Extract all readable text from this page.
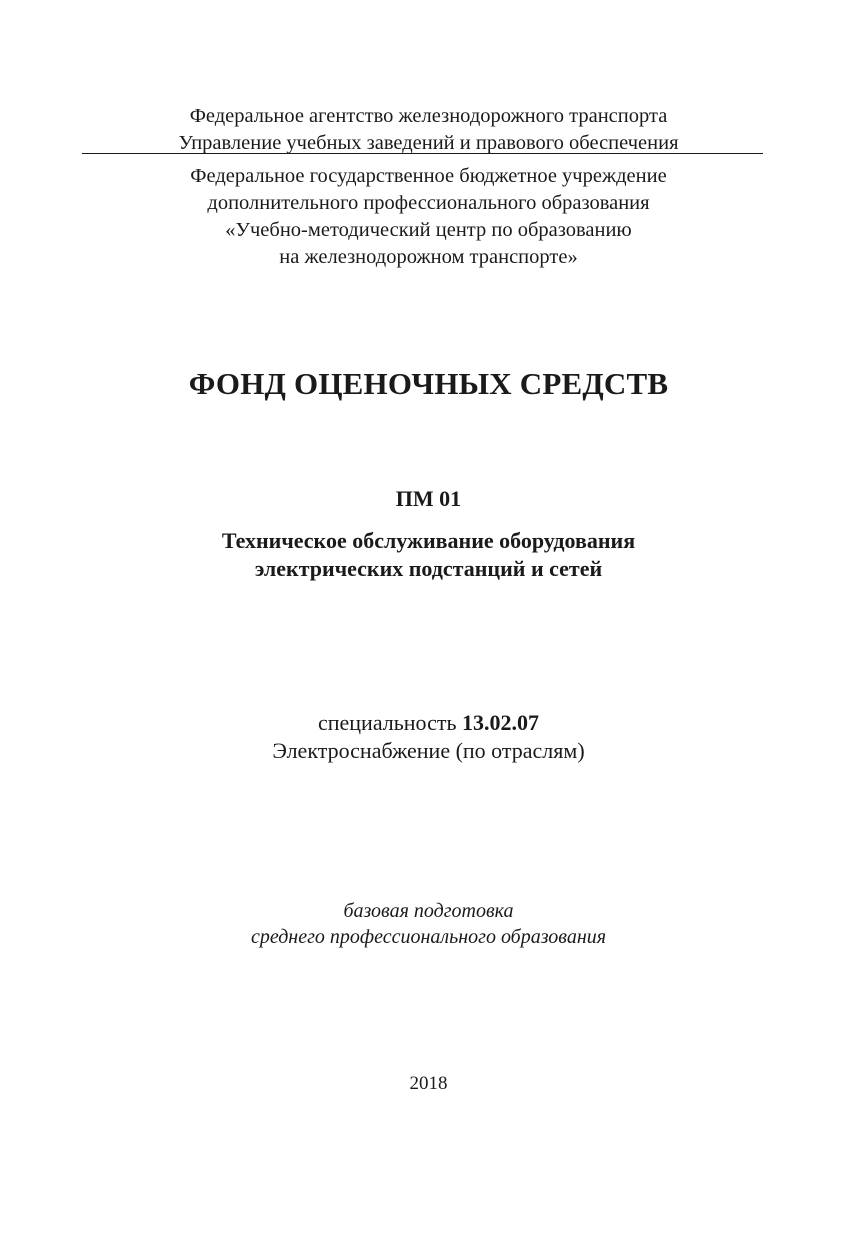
Федеральное агентство железнодорожного транспорта
Управление учебных заведений и правового обеспечения
Федеральное государственное бюджетное учреждение
дополнительного профессионального образования
«Учебно-методический центр по образованию
на железнодорожном транспорте»
ФОНД ОЦЕНОЧНЫХ СРЕДСТВ
ПМ 01
Техническое обслуживание оборудования
электрических подстанций и сетей
специальность 13.02.07
Электроснабжение (по отраслям)
базовая подготовка
среднего профессионального образования
2018
